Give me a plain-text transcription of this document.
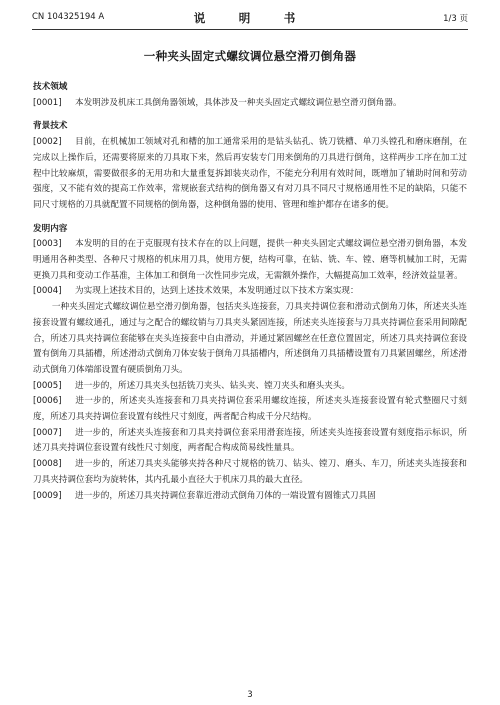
CN 104325194 A	说　明　书	1/3 页
一种夹头固定式螺纹调位悬空滑刃倒角器
技术领域

[0001] 本发明涉及机床工具倒角器领域，具体涉及一种夹头固定式螺纹调位悬空滑刃倒角器。

背景技术

[0002] 目前，在机械加工领域对孔和槽的加工通常采用的是钻头钻孔、铣刀铣槽、单刀头镗孔和磨床磨削，在完成以上操作后，还需要将原来的刀具取下来，然后再安装专门用来倒角的刀具进行倒角，这样两步工序在加工过程中比较麻烦，需要做很多的无用功和大量重复拆卸装夹动作，不能充分利用有效时间，既增加了辅助时间和劳动强度，又不能有效的提高工作效率，常规嵌套式结构的倒角器又有对刀具不同尺寸规格通用性不足的缺陷，只能不同尺寸规格的刀具就配置不同规格的倒角器，这种倒角器的使用、管理和维护都存在诸多的便。

发明内容

[0003] 本发明的目的在于克服现有技术存在的以上问题，提供一种夹头固定式螺纹调位悬空滑刃倒角器，本发明通用各种类型、各种尺寸规格的机床用刀具，使用方便，结构可靠，在钻、铣、车、镗、磨等机械加工时，无需更换刀具和变动工作基准，主体加工和倒角一次性同步完成，无需额外操作，大幅提高加工效率，经济效益显著。

[0004] 为实现上述技术目的，达到上述技术效果，本发明通过以下技术方案实现：

一种夹头固定式螺纹调位悬空滑刃倒角器，包括夹头连接套，刀具夹持调位套和滑动式倒角刀体，所述夹头连接套设置有螺纹通孔，通过与之配合的螺纹销与刀具夹头紧固连接，所述夹头连接套与刀具夹持调位套采用间隙配合，所述刀具夹持调位套能够在夹头连接套中自由滑动，并通过紧固螺丝在任意位置固定，所述刀具夹持调位套设置有倒角刀具插槽，所述滑动式倒角刀体安装于倒角刀具插槽内，所述倒角刀具插槽设置有刀具紧固螺丝，所述滑动式倒角刀体端部设置有硬质倒角刀头。

[0005] 进一步的，所述刀具夹头包括铣刀夹头、钻头夹、镗刀夹头和磨头夹头。

[0006] 进一步的，所述夹头连接套和刀具夹持调位套采用螺纹连接，所述夹头连接套设置有轮式整圈尺寸刻度，所述刀具夹持调位套设置有线性尺寸刻度，两者配合构成千分尺结构。

[0007] 进一步的，所述夹头连接套和刀具夹持调位套采用滑套连接，所述夹头连接套设置有刻度指示标识，所述刀具夹持调位套设置有线性尺寸刻度，两者配合构成简易线性量具。

[0008] 进一步的，所述刀具夹头能够夹持各种尺寸规格的铣刀、钻头、镗刀、磨头、车刀，所述夹头连接套和刀具夹持调位套均为旋转体，其内孔最小直径大于机床刀具的最大直径。

[0009] 进一步的，所述刀具夹持调位套靠近滑动式倒角刀体的一端设置有圆锥式刀具固

3
